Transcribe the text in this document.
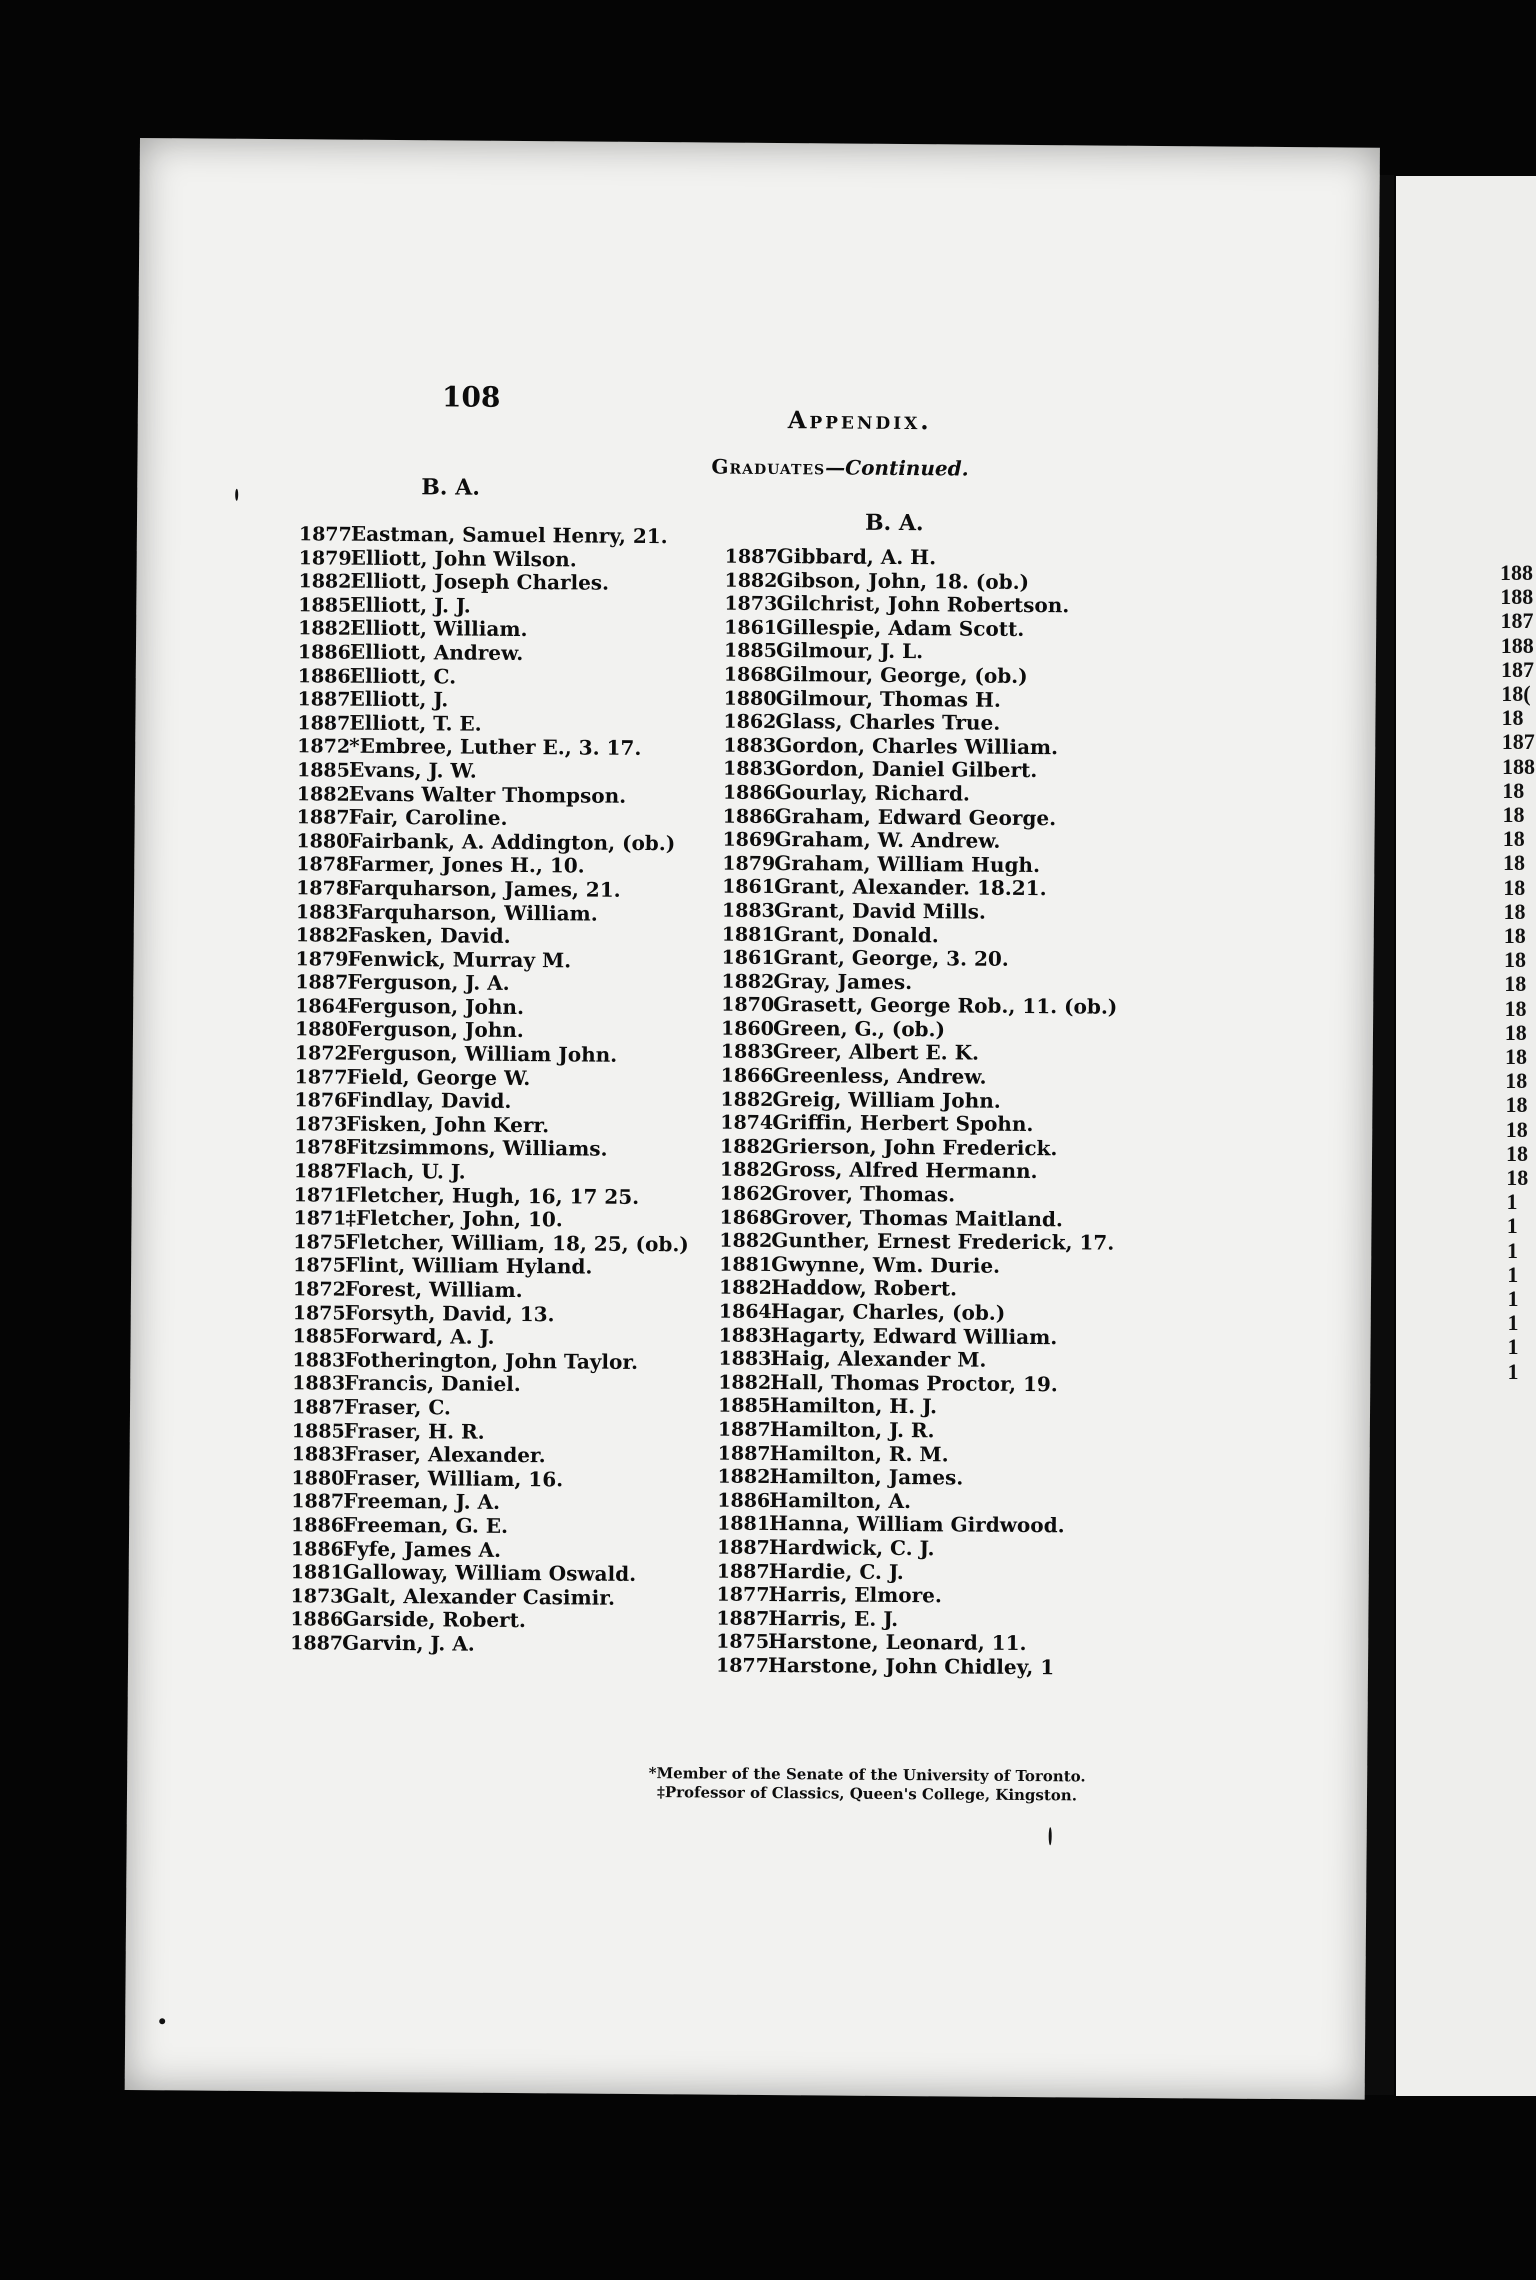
188
188
187
188
187
18(
18
187
188
18
18
18
18
18
18
18
18
18
18
18
18
18
18
18
18
18
1
1
1
1
1
1
1
1
108
Appendix.
Graduates—Continued.
B. A.
1877Eastman, Samuel Henry, 21.
1879Elliott, John Wilson.
1882Elliott, Joseph Charles.
1885Elliott, J. J.
1882Elliott, William.
1886Elliott, Andrew.
1886Elliott, C.
1887Elliott, J.
1887Elliott, T. E.
1872*Embree, Luther E., 3. 17.
1885Evans, J. W.
1882Evans Walter Thompson.
1887Fair, Caroline.
1880Fairbank, A. Addington, (ob.)
1878Farmer, Jones H., 10.
1878Farquharson, James, 21.
1883Farquharson, William.
1882Fasken, David.
1879Fenwick, Murray M.
1887Ferguson, J. A.
1864Ferguson, John.
1880Ferguson, John.
1872Ferguson, William John.
1877Field, George W.
1876Findlay, David.
1873Fisken, John Kerr.
1878Fitzsimmons, Williams.
1887Flach, U. J.
1871Fletcher, Hugh, 16, 17 25.
1871‡Fletcher, John, 10.
1875Fletcher, William, 18, 25, (ob.)
1875Flint, William Hyland.
1872Forest, William.
1875Forsyth, David, 13.
1885Forward, A. J.
1883Fotherington, John Taylor.
1883Francis, Daniel.
1887Fraser, C.
1885Fraser, H. R.
1883Fraser, Alexander.
1880Fraser, William, 16.
1887Freeman, J. A.
1886Freeman, G. E.
1886Fyfe, James A.
1881Galloway, William Oswald.
1873Galt, Alexander Casimir.
1886Garside, Robert.
1887Garvin, J. A.
B. A.
1887Gibbard, A. H.
1882Gibson, John, 18. (ob.)
1873Gilchrist, John Robertson.
1861Gillespie, Adam Scott.
1885Gilmour, J. L.
1868Gilmour, George, (ob.)
1880Gilmour, Thomas H.
1862Glass, Charles True.
1883Gordon, Charles William.
1883Gordon, Daniel Gilbert.
1886Gourlay, Richard.
1886Graham, Edward George.
1869Graham, W. Andrew.
1879Graham, William Hugh.
1861Grant, Alexander. 18.21.
1883Grant, David Mills.
1881Grant, Donald.
1861Grant, George, 3. 20.
1882Gray, James.
1870Grasett, George Rob., 11. (ob.)
1860Green, G., (ob.)
1883Greer, Albert E. K.
1866Greenless, Andrew.
1882Greig, William John.
1874Griffin, Herbert Spohn.
1882Grierson, John Frederick.
1882Gross, Alfred Hermann.
1862Grover, Thomas.
1868Grover, Thomas Maitland.
1882Gunther, Ernest Frederick, 17.
1881Gwynne, Wm. Durie.
1882Haddow, Robert.
1864Hagar, Charles, (ob.)
1883Hagarty, Edward William.
1883Haig, Alexander M.
1882Hall, Thomas Proctor, 19.
1885Hamilton, H. J.
1887Hamilton, J. R.
1887Hamilton, R. M.
1882Hamilton, James.
1886Hamilton, A.
1881Hanna, William Girdwood.
1887Hardwick, C. J.
1887Hardie, C. J.
1877Harris, Elmore.
1887Harris, E. J.
1875Harstone, Leonard, 11.
1877Harstone, John Chidley, 1
*Member of the Senate of the University of Toronto.
‡Professor of Classics, Queen's College, Kingston.
